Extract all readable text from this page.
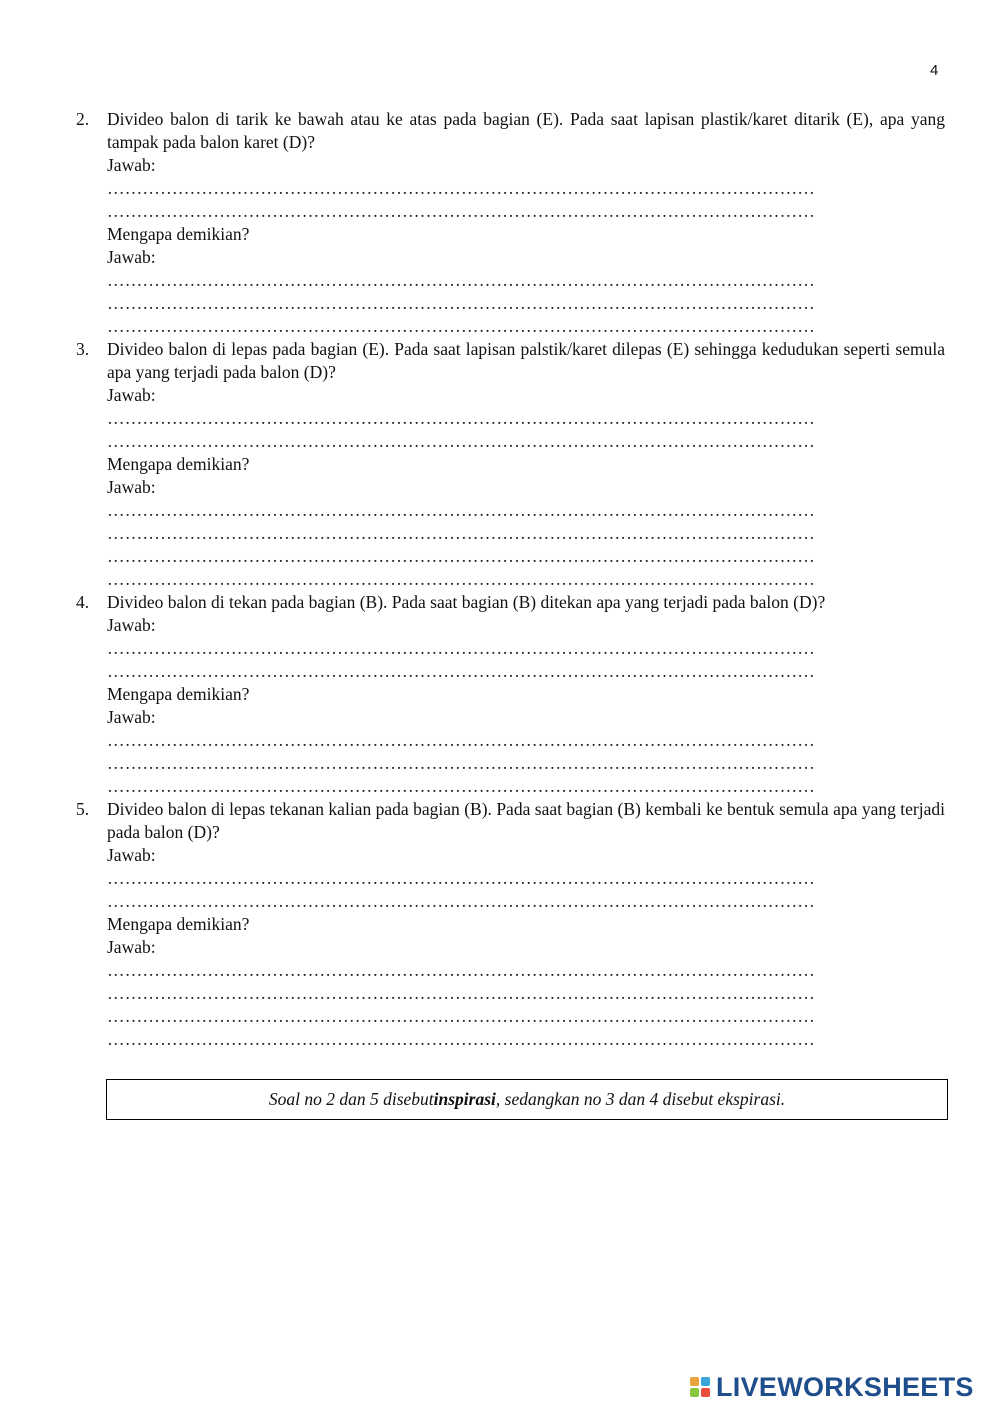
4
2. Divideo balon di tarik ke bawah atau ke atas pada bagian (E). Pada saat lapisan plastik/karet ditarik (E), apa yang tampak pada balon karet (D)?
Jawab:
…………………………………………………………………………………………………………
…………………………………………………………………………………………………………
Mengapa demikian?
Jawab:
…………………………………………………………………………………………………………
…………………………………………………………………………………………………………
…………………………………………………………………………………………………………
3. Divideo balon di lepas pada bagian (E). Pada saat lapisan palstik/karet dilepas (E) sehingga kedudukan seperti semula apa yang terjadi pada balon (D)?
Jawab:
…………………………………………………………………………………………………………
…………………………………………………………………………………………………………
Mengapa demikian?
Jawab:
…………………………………………………………………………………………………………
…………………………………………………………………………………………………………
…………………………………………………………………………………………………………
…………………………………………………………………………………………………………
4. Divideo balon di tekan pada bagian (B). Pada saat bagian (B) ditekan apa yang terjadi pada balon (D)?
Jawab:
…………………………………………………………………………………………………………
…………………………………………………………………………………………………………
Mengapa demikian?
Jawab:
…………………………………………………………………………………………………………
…………………………………………………………………………………………………………
…………………………………………………………………………………………………………
5. Divideo balon di lepas tekanan kalian pada bagian (B). Pada saat bagian (B) kembali ke bentuk semula apa yang terjadi pada balon (D)?
Jawab:
…………………………………………………………………………………………………………
…………………………………………………………………………………………………………
Mengapa demikian?
Jawab:
…………………………………………………………………………………………………………
…………………………………………………………………………………………………………
…………………………………………………………………………………………………………
…………………………………………………………………………………………………………
Soal no 2 dan 5 disebut inspirasi , sedangkan no 3 dan 4 disebut ekspirasi.
LIVEWORKSHEETS
